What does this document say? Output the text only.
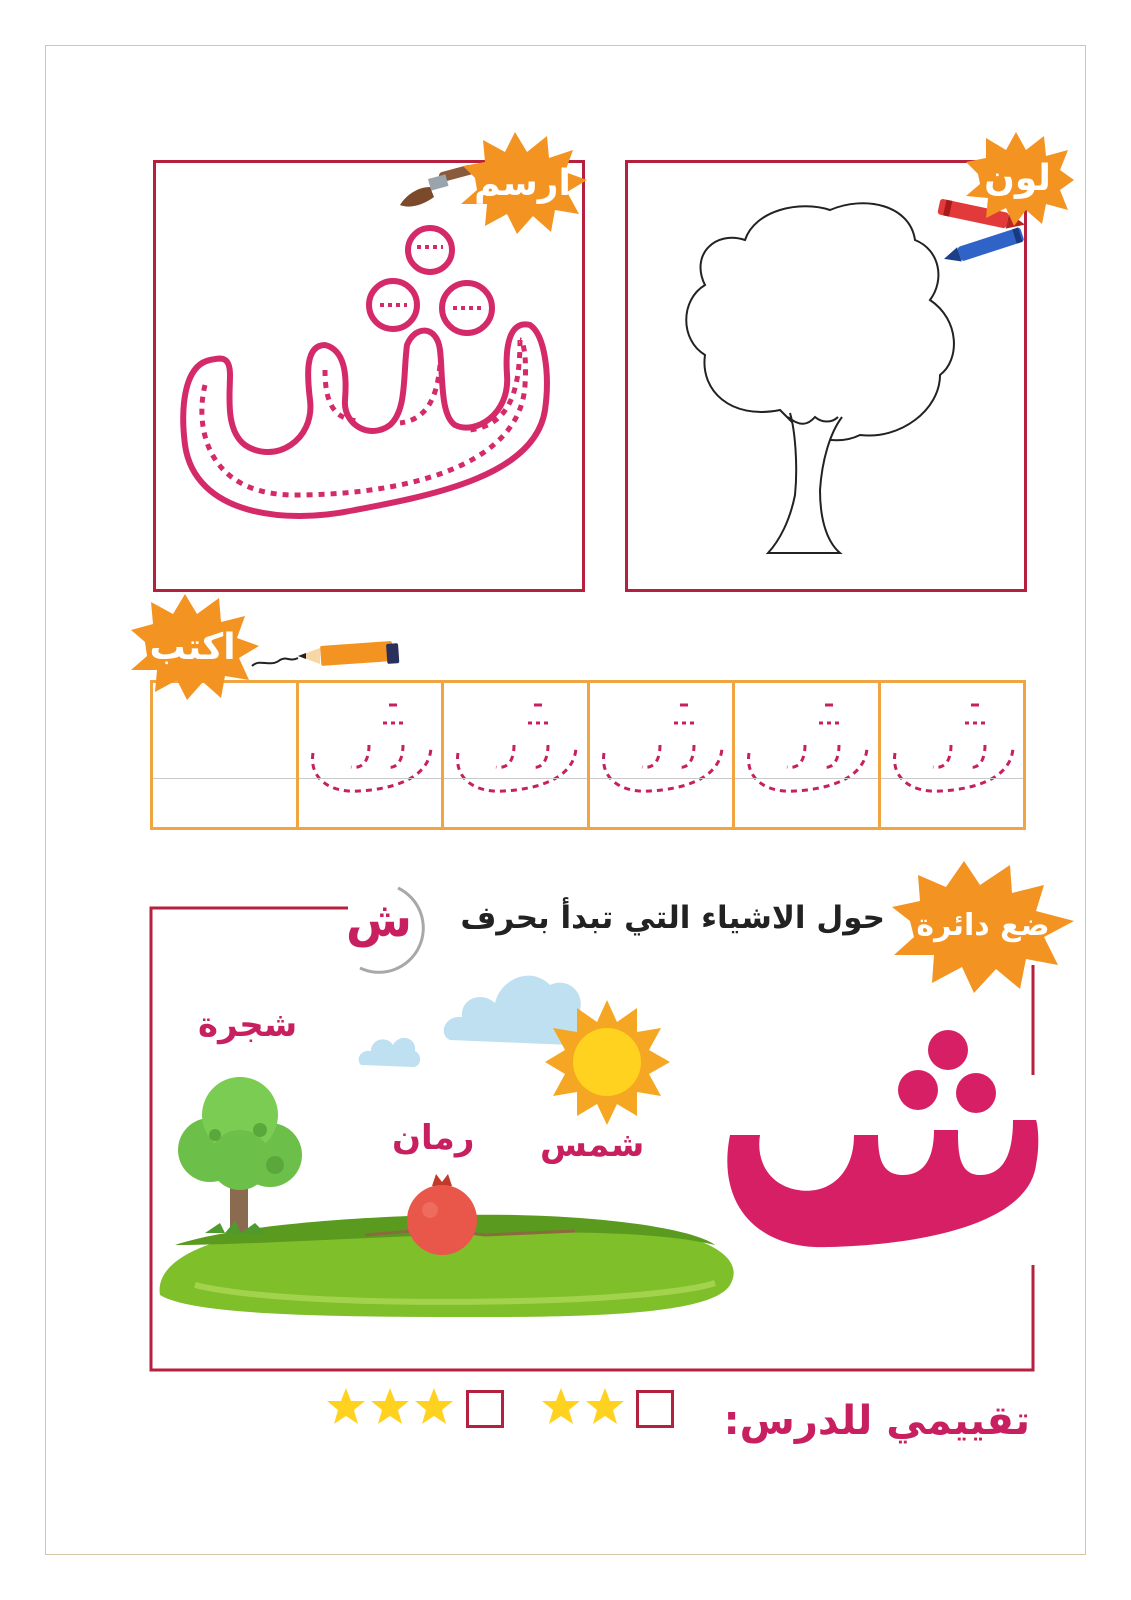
ارسم	لون
اكتب
ش حول الاشياء التي تبدأ بحرف	ضع دائرة
شجرة
رمان شمس
تقييمي للدرس:
